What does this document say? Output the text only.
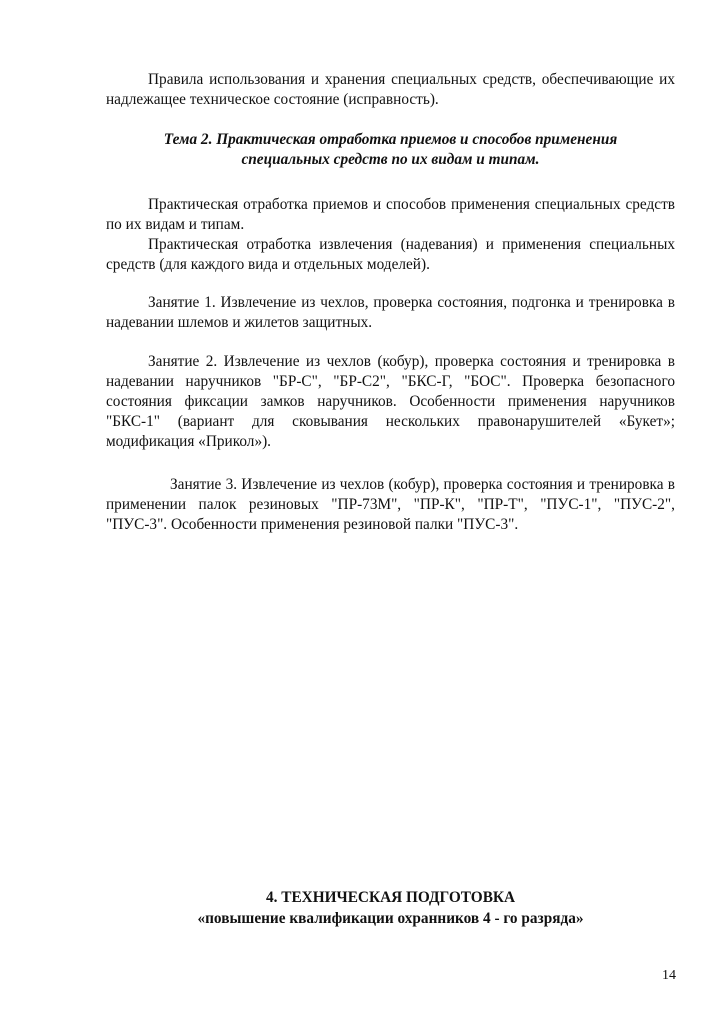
Правила использования и хранения специальных средств, обеспечивающие их надлежащее техническое состояние (исправность).

Тема 2. Практическая отработка приемов и способов применения

специальных средств по их видам и типам.

Практическая отработка приемов и способов применения специальных средств по их видам и типам.

Практическая отработка извлечения (надевания) и применения специальных средств (для каждого вида и отдельных моделей).

Занятие 1. Извлечение из чехлов, проверка состояния, подгонка и тренировка в надевании шлемов и жилетов защитных.

Занятие 2. Извлечение из чехлов (кобур), проверка состояния и тренировка в надевании наручников "БР-С", "БР-С2", "БКС-Г, "БОС". Проверка безопасного состояния фиксации замков наручников. Особенности применения наручников "БКС-1" (вариант для сковывания нескольких правонарушителей «Букет»; модификация «Прикол»).

Занятие 3. Извлечение из чехлов (кобур), проверка состояния и тренировка в применении палок резиновых "ПР-73М", "ПР-К", "ПР-Т", "ПУС-1", "ПУС-2", "ПУС-3". Особенности применения резиновой палки "ПУС-3".

4. ТЕХНИЧЕСКАЯ ПОДГОТОВКА

«повышение квалификации охранников 4 - го разряда»

14
